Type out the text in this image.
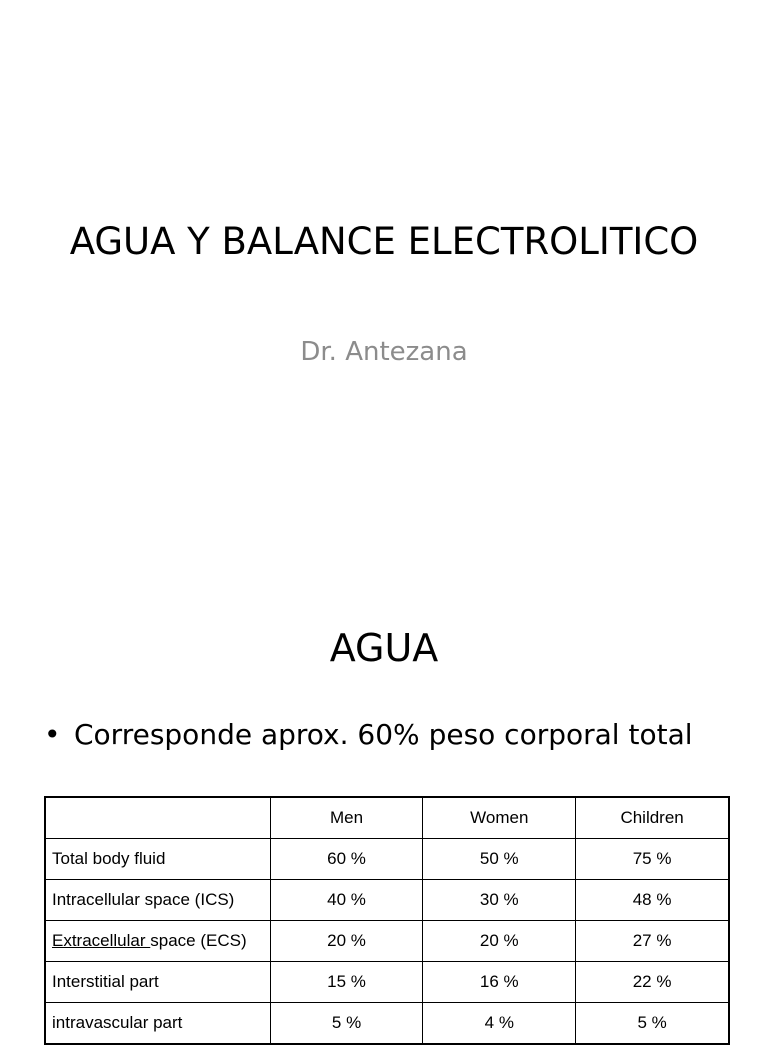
AGUA Y BALANCE ELECTROLITICO
Dr. Antezana
AGUA
• Corresponde aprox. 60% peso corporal total
	Men	Women	Children
Total body fluid	60 %	50 %	75 %
Intracellular space (ICS)	40 %	30 %	48 %
Extracellular space (ECS)	20 %	20 %	27 %
Interstitial part	15 %	16 %	22 %
intravascular part	5 %	4 %	5 %
